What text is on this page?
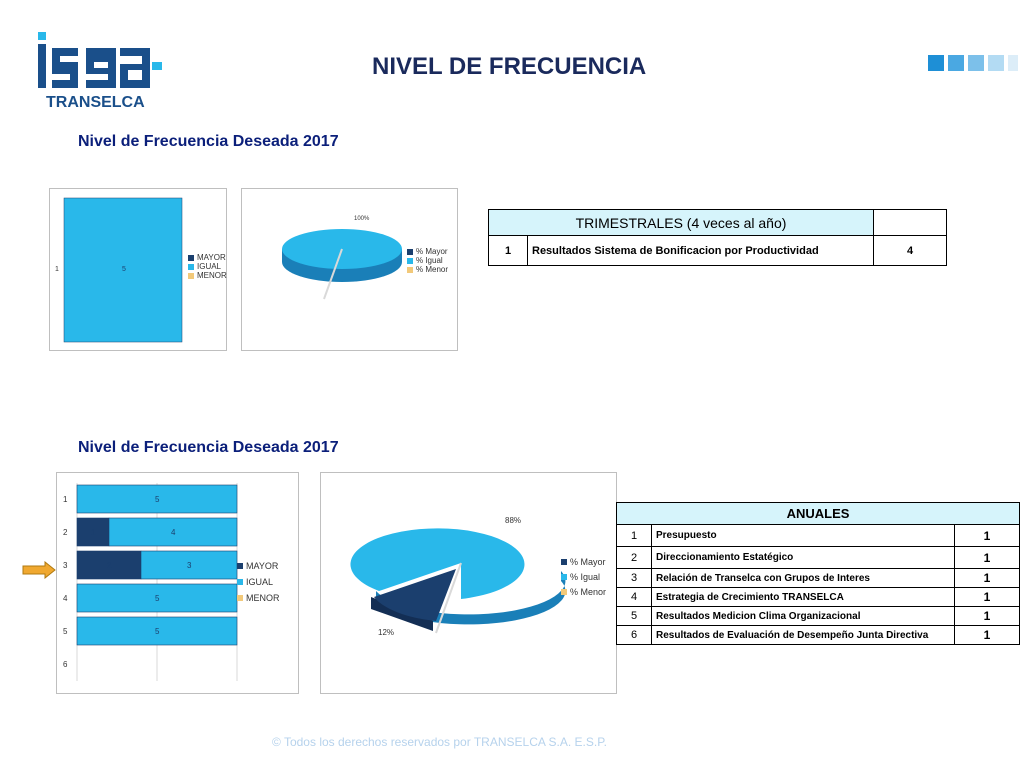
TRANSELCA
NIVEL DE FRECUENCIA
Nivel de Frecuencia Deseada 2017
Nivel de Frecuencia Deseada 2017
5
1
MAYOR
IGUAL
MENOR
100%
% Mayor
% Igual
% Menor
TRIMESTRALES (4 veces al año)		
1	Resultados Sistema de Bonificacion por Productividad	4
1	5
2	1	4
3	2	3
4	5
5	5
6
MAYOR
IGUAL
MENOR
12%
88%
% Mayor
% Igual
% Menor
ANUALES		
1	Presupuesto	1
2	Direccionamiento Estatégico	1
3	Relación de Transelca con Grupos de Interes	1
4	Estrategia de Crecimiento TRANSELCA	1
5	Resultados Medicion Clima Organizacional	1
6	Resultados de Evaluación de Desempeño Junta Directiva	1
© Todos los derechos reservados por TRANSELCA S.A. E.S.P.
